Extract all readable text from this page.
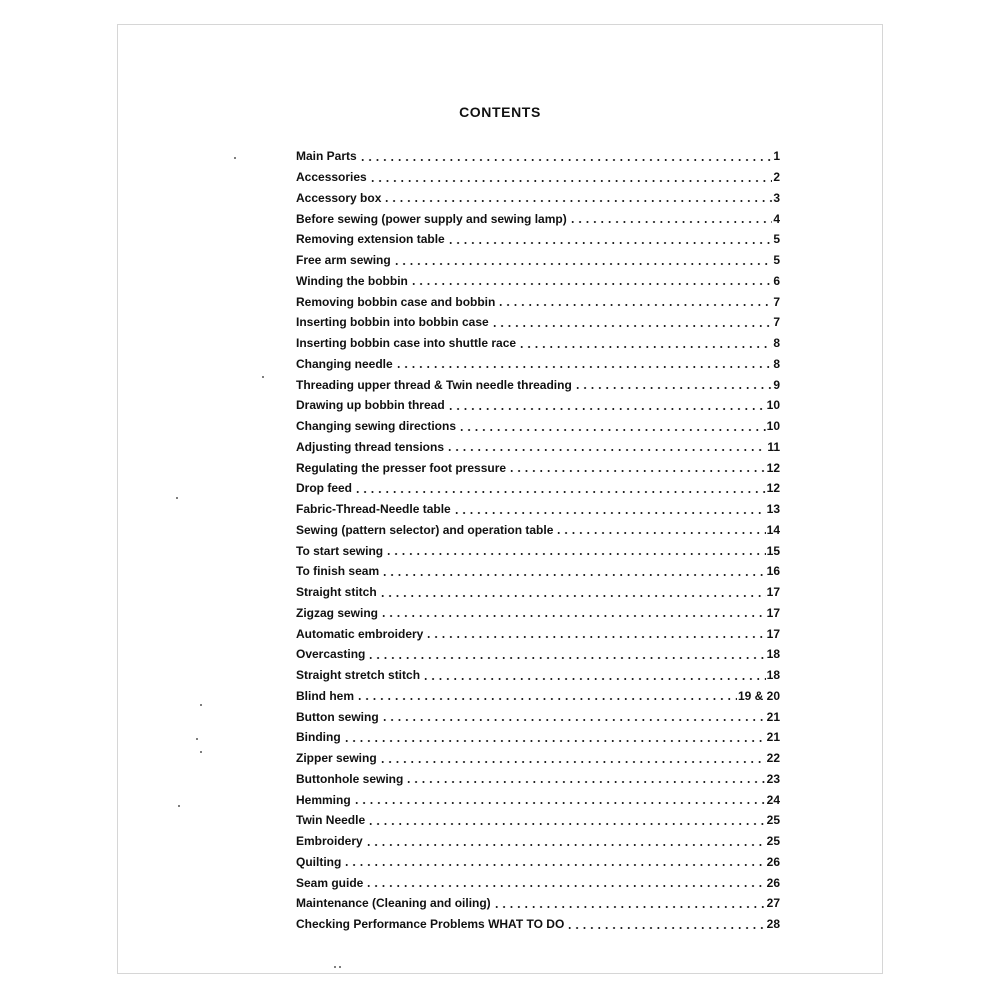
CONTENTS
Main Parts	1
Accessories	2
Accessory box	3
Before sewing (power supply and sewing lamp)	4
Removing extension table	5
Free arm sewing	5
Winding the bobbin	6
Removing bobbin case and bobbin	7
Inserting bobbin into bobbin case	7
Inserting bobbin case into shuttle race	8
Changing needle	8
Threading upper thread & Twin needle threading	9
Drawing up bobbin thread	10
Changing sewing directions	10
Adjusting thread tensions	11
Regulating the presser foot pressure	12
Drop feed	12
Fabric-Thread-Needle table	13
Sewing (pattern selector) and operation table	14
To start sewing	15
To finish seam	16
Straight stitch	17
Zigzag sewing	17
Automatic embroidery	17
Overcasting	18
Straight stretch stitch	18
Blind hem	19 & 20
Button sewing	21
Binding	21
Zipper sewing	22
Buttonhole sewing	23
Hemming	24
Twin Needle	25
Embroidery	25
Quilting	26
Seam guide	26
Maintenance (Cleaning and oiling)	27
Checking Performance Problems WHAT TO DO	28
